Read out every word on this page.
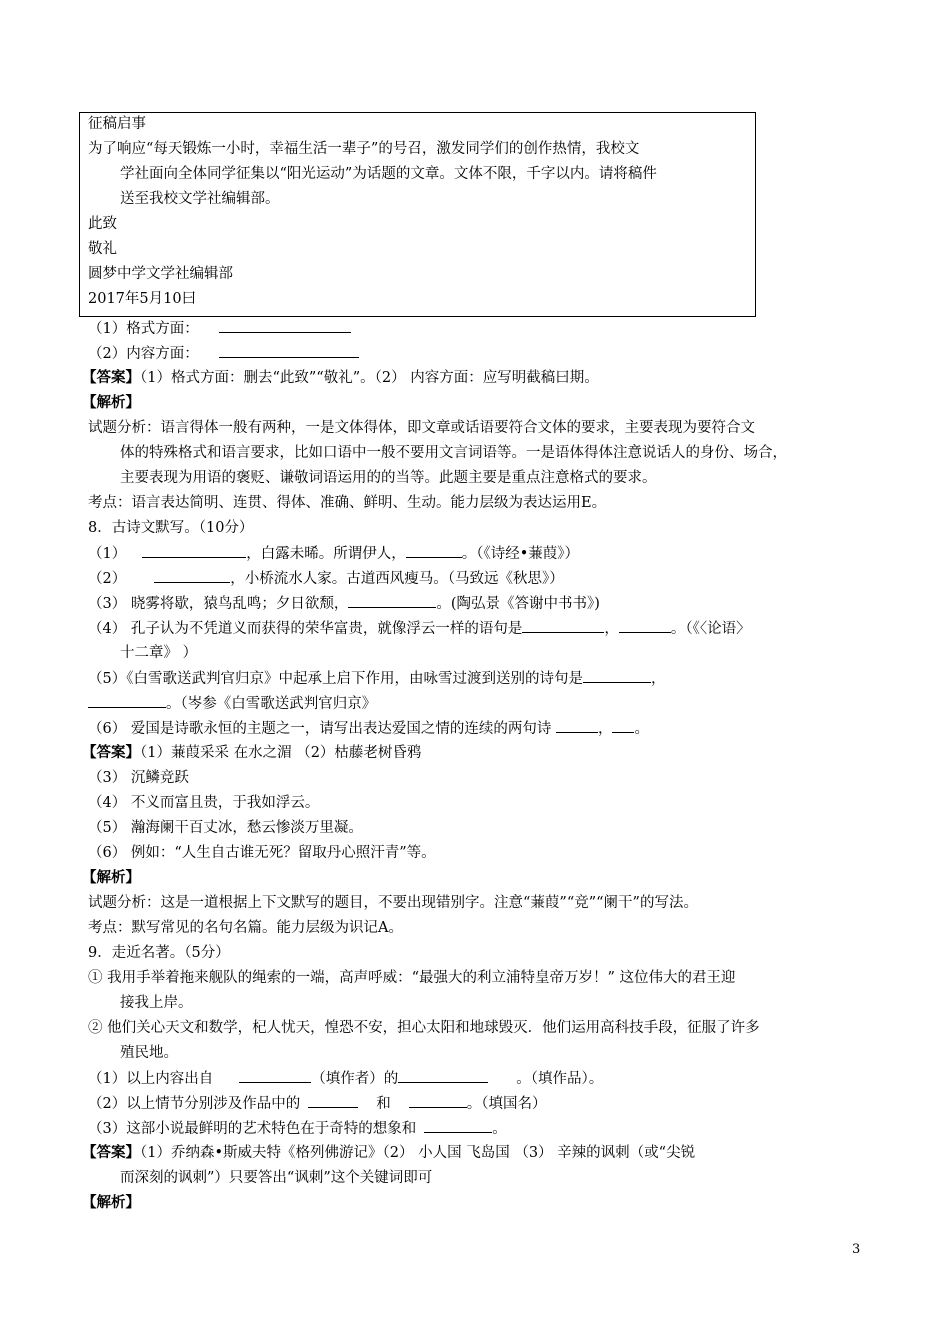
征稿启事
为了响应“每天锻炼一小时，幸福生活一辈子”的号召，激发同学们的创作热情，我校文
学社面向全体同学征集以“阳光运动”为话题的文章。文体不限，千字以内。请将稿件
送至我校文学社编辑部。
此致
敬礼
圆梦中学文学社编辑部
2017年5月10曰
（1）格式方面：
（2）内容方面：
【答案】（1）格式方面：删去“此致”“敬礼”。（2） 内容方面：应写明截稿曰期。
【解析】
试题分析：语言得体一般有两种，一是文体得体，即文章或话语要符合文体的要求，主要表现为要符合文
体的特殊格式和语言要求，比如口语中一般不要用文言词语等。一是语体得体注意说话人的身份、场合，
主要表现为用语的褒贬、谦敬词语运用的的当等。此题主要是重点注意格式的要求。
考点：语言表达简明、连贯、得体、准确、鲜明、生动。能力层级为表达运用E。
8．古诗文默写。（10分）
（1）	，白露未晞。所谓伊人，	。（《诗经•蒹葭》）
（2）	，小桥流水人家。古道西风瘦马。（马致远《秋思》）
（3） 晓雾将歇，猿鸟乱鸣；夕日欲颓，	。(陶弘景《答谢中书书》)
（4） 孔子认为不凭道义而获得的荣华富贵，就像浮云一样的语句是	，	。（《〈论语〉
十二章》 ）
（5）《白雪歌送武判官归京》中起承上启下作用，由咏雪过渡到送别的诗句是	，
。（岑参《白雪歌送武判官归京》
（6） 爱国是诗歌永恒的主题之一，请写出表达爱国之情的连续的两句诗	， 。
【答案】（1）蒹葭采采 在水之湄 （2）枯藤老树昏鸦
（3） 沉鳞竞跃
（4） 不义而富且贵，于我如浮云。
（5） 瀚海阑干百丈冰，愁云惨淡万里凝。
（6） 例如：“人生自古谁无死？留取丹心照汗青”等。
【解析】
试题分析：这是一道根据上下文默写的题目，不要出现错别字。注意“蒹葭”“竞”“阑干”的写法。
考点：默写常见的名句名篇。能力层级为识记A。
9．走近名著。（5分）
① 我用手举着拖来舰队的绳索的一端，高声呼威：“最强大的利立浦特皇帝万岁！” 这位伟大的君王迎
接我上岸。
② 他们关心天文和数学，杞人忧天，惶恐不安，担心太阳和地球毁灭．他们运用高科技手段，征服了许多
殖民地。
（1）以上内容出自	（填作者）的	。（填作品）。
（2）以上情节分别涉及作品中的	和	。（填国名）
（3）这部小说最鲜明的艺术特色在于奇特的想象和	。
【答案】（1）乔纳森•斯威夫特《格列佛游记》（2） 小人国 飞岛国 （3） 辛辣的讽刺（或“尖锐
而深刻的讽刺”）只要答出“讽刺”这个关键词即可
【解析】
3
